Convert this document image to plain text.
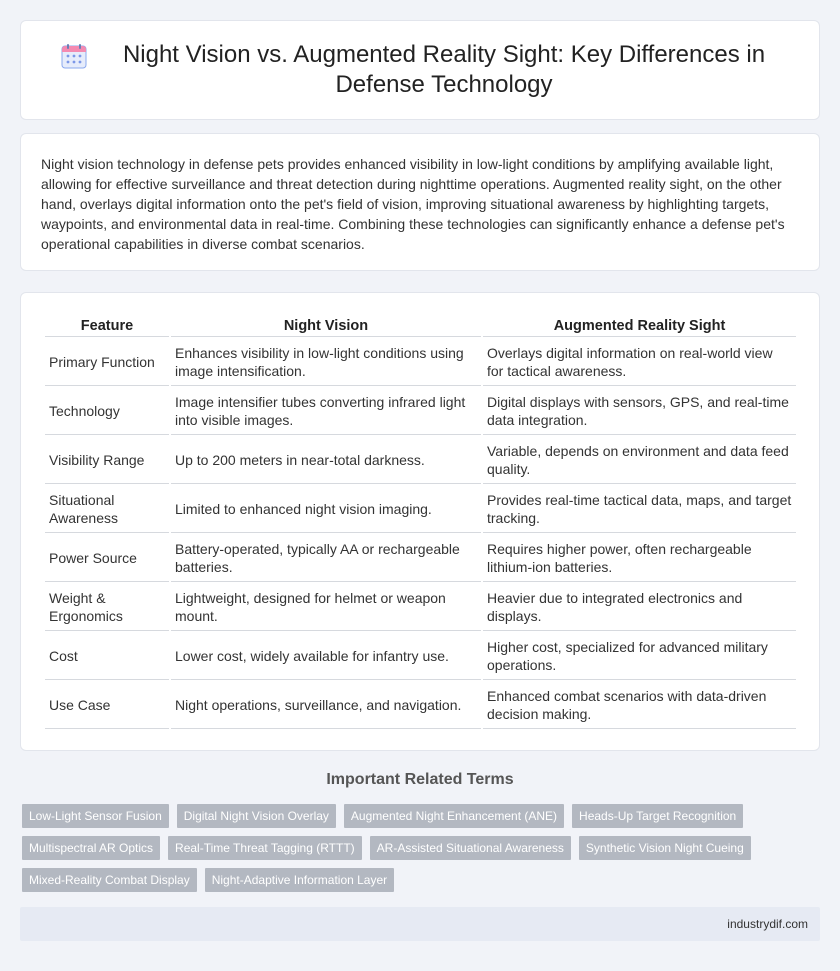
Night Vision vs. Augmented Reality Sight: Key Differences in Defense Technology

Night vision technology in defense pets provides enhanced visibility in low-light conditions by amplifying available light, allowing for effective surveillance and threat detection during nighttime operations. Augmented reality sight, on the other hand, overlays digital information onto the pet's field of vision, improving situational awareness by highlighting targets, waypoints, and environmental data in real-time. Combining these technologies can significantly enhance a defense pet's operational capabilities in diverse combat scenarios.

Feature	Night Vision	Augmented Reality Sight
Primary Function	Enhances visibility in low-light conditions using image intensification.	Overlays digital information on real-world view for tactical awareness.
Technology	Image intensifier tubes converting infrared light into visible images.	Digital displays with sensors, GPS, and real-time data integration.
Visibility Range	Up to 200 meters in near-total darkness.	Variable, depends on environment and data feed quality.
Situational Awareness	Limited to enhanced night vision imaging.	Provides real-time tactical data, maps, and target tracking.
Power Source	Battery-operated, typically AA or rechargeable batteries.	Requires higher power, often rechargeable lithium-ion batteries.
Weight & Ergonomics	Lightweight, designed for helmet or weapon mount.	Heavier due to integrated electronics and displays.
Cost	Lower cost, widely available for infantry use.	Higher cost, specialized for advanced military operations.
Use Case	Night operations, surveillance, and navigation.	Enhanced combat scenarios with data-driven decision making.
Important Related Terms
Low-Light Sensor Fusion	Digital Night Vision Overlay	Augmented Night Enhancement (ANE)	Heads-Up Target Recognition
Multispectral AR Optics	Real-Time Threat Tagging (RTTT)	AR-Assisted Situational Awareness	Synthetic Vision Night Cueing
Mixed-Reality Combat Display	Night-Adaptive Information Layer
industrydif.com
